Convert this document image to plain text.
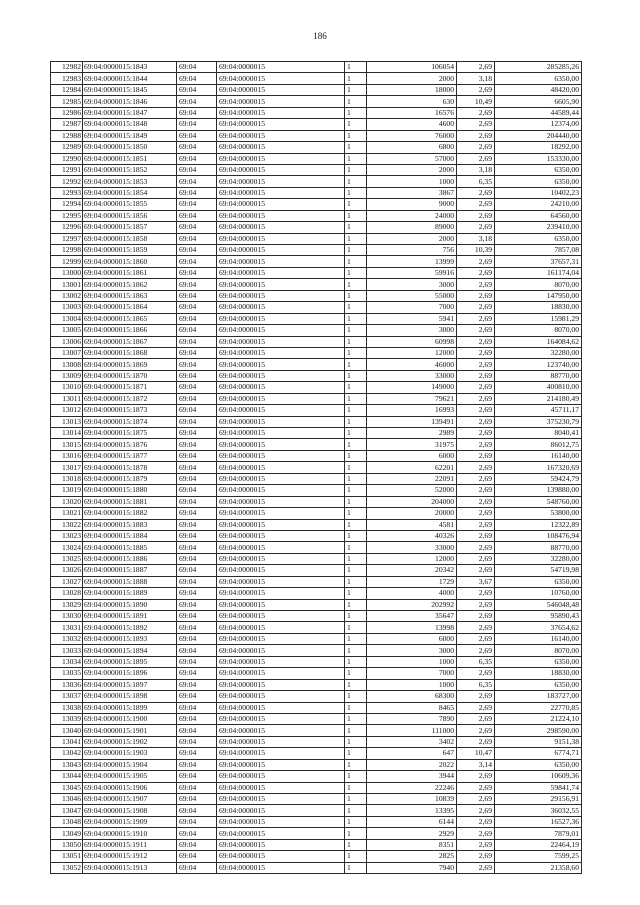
186
12982	69:04:0000015:1843	69:04	69:04:0000015	1	106054	2,69	285285,26
12983	69:04:0000015:1844	69:04	69:04:0000015	1	2000	3,18	6350,00
12984	69:04:0000015:1845	69:04	69:04:0000015	1	18000	2,69	48420,00
12985	69:04:0000015:1846	69:04	69:04:0000015	1	630	10,49	6605,90
12986	69:04:0000015:1847	69:04	69:04:0000015	1	16576	2,69	44589,44
12987	69:04:0000015:1848	69:04	69:04:0000015	1	4600	2,69	12374,00
12988	69:04:0000015:1849	69:04	69:04:0000015	1	76000	2,69	204440,00
12989	69:04:0000015:1850	69:04	69:04:0000015	1	6800	2,69	18292,00
12990	69:04:0000015:1851	69:04	69:04:0000015	1	57000	2,69	153330,00
12991	69:04:0000015:1852	69:04	69:04:0000015	1	2000	3,18	6350,00
12992	69:04:0000015:1853	69:04	69:04:0000015	1	1000	6,35	6350,00
12993	69:04:0000015:1854	69:04	69:04:0000015	1	3867	2,69	10402,23
12994	69:04:0000015:1855	69:04	69:04:0000015	1	9000	2,69	24210,00
12995	69:04:0000015:1856	69:04	69:04:0000015	1	24000	2,69	64560,00
12996	69:04:0000015:1857	69:04	69:04:0000015	1	89000	2,69	239410,00
12997	69:04:0000015:1858	69:04	69:04:0000015	1	2000	3,18	6350,00
12998	69:04:0000015:1859	69:04	69:04:0000015	1	756	10,39	7857,08
12999	69:04:0000015:1860	69:04	69:04:0000015	1	13999	2,69	37657,31
13000	69:04:0000015:1861	69:04	69:04:0000015	1	59916	2,69	161174,04
13001	69:04:0000015:1862	69:04	69:04:0000015	1	3000	2,69	8070,00
13002	69:04:0000015:1863	69:04	69:04:0000015	1	55000	2,69	147950,00
13003	69:04:0000015:1864	69:04	69:04:0000015	1	7000	2,69	18830,00
13004	69:04:0000015:1865	69:04	69:04:0000015	1	5941	2,69	15981,29
13005	69:04:0000015:1866	69:04	69:04:0000015	1	3000	2,69	8070,00
13006	69:04:0000015:1867	69:04	69:04:0000015	1	60998	2,69	164084,62
13007	69:04:0000015:1868	69:04	69:04:0000015	1	12000	2,69	32280,00
13008	69:04:0000015:1869	69:04	69:04:0000015	1	46000	2,69	123740,00
13009	69:04:0000015:1870	69:04	69:04:0000015	1	33000	2,69	88770,00
13010	69:04:0000015:1871	69:04	69:04:0000015	1	149000	2,69	400810,00
13011	69:04:0000015:1872	69:04	69:04:0000015	1	79621	2,69	214180,49
13012	69:04:0000015:1873	69:04	69:04:0000015	1	16993	2,69	45711,17
13013	69:04:0000015:1874	69:04	69:04:0000015	1	139491	2,69	375230,79
13014	69:04:0000015:1875	69:04	69:04:0000015	1	2989	2,69	8040,41
13015	69:04:0000015:1876	69:04	69:04:0000015	1	31975	2,69	86012,75
13016	69:04:0000015:1877	69:04	69:04:0000015	1	6000	2,69	16140,00
13017	69:04:0000015:1878	69:04	69:04:0000015	1	62201	2,69	167320,69
13018	69:04:0000015:1879	69:04	69:04:0000015	1	22091	2,69	59424,79
13019	69:04:0000015:1880	69:04	69:04:0000015	1	52000	2,69	139880,00
13020	69:04:0000015:1881	69:04	69:04:0000015	1	204000	2,69	548760,00
13021	69:04:0000015:1882	69:04	69:04:0000015	1	20000	2,69	53800,00
13022	69:04:0000015:1883	69:04	69:04:0000015	1	4581	2,69	12322,89
13023	69:04:0000015:1884	69:04	69:04:0000015	1	40326	2,69	108476,94
13024	69:04:0000015:1885	69:04	69:04:0000015	1	33000	2,69	88770,00
13025	69:04:0000015:1886	69:04	69:04:0000015	1	12000	2,69	32280,00
13026	69:04:0000015:1887	69:04	69:04:0000015	1	20342	2,69	54719,98
13027	69:04:0000015:1888	69:04	69:04:0000015	1	1729	3,67	6350,00
13028	69:04:0000015:1889	69:04	69:04:0000015	1	4000	2,69	10760,00
13029	69:04:0000015:1890	69:04	69:04:0000015	1	202992	2,69	546048,48
13030	69:04:0000015:1891	69:04	69:04:0000015	1	35647	2,69	95890,43
13031	69:04:0000015:1892	69:04	69:04:0000015	1	13998	2,69	37654,62
13032	69:04:0000015:1893	69:04	69:04:0000015	1	6000	2,69	16140,00
13033	69:04:0000015:1894	69:04	69:04:0000015	1	3000	2,69	8070,00
13034	69:04:0000015:1895	69:04	69:04:0000015	1	1000	6,35	6350,00
13035	69:04:0000015:1896	69:04	69:04:0000015	1	7000	2,69	18830,00
13036	69:04:0000015:1897	69:04	69:04:0000015	1	1000	6,35	6350,00
13037	69:04:0000015:1898	69:04	69:04:0000015	1	68300	2,69	183727,00
13038	69:04:0000015:1899	69:04	69:04:0000015	1	8465	2,69	22770,85
13039	69:04:0000015:1900	69:04	69:04:0000015	1	7890	2,69	21224,10
13040	69:04:0000015:1901	69:04	69:04:0000015	1	111000	2,69	298590,00
13041	69:04:0000015:1902	69:04	69:04:0000015	1	3402	2,69	9151,38
13042	69:04:0000015:1903	69:04	69:04:0000015	1	647	10,47	6774,71
13043	69:04:0000015:1904	69:04	69:04:0000015	1	2022	3,14	6350,00
13044	69:04:0000015:1905	69:04	69:04:0000015	1	3944	2,69	10609,36
13045	69:04:0000015:1906	69:04	69:04:0000015	1	22246	2,69	59841,74
13046	69:04:0000015:1907	69:04	69:04:0000015	1	10839	2,69	29156,91
13047	69:04:0000015:1908	69:04	69:04:0000015	1	13395	2,69	36032,55
13048	69:04:0000015:1909	69:04	69:04:0000015	1	6144	2,69	16527,36
13049	69:04:0000015:1910	69:04	69:04:0000015	1	2929	2,69	7879,01
13050	69:04:0000015:1911	69:04	69:04:0000015	1	8351	2,69	22464,19
13051	69:04:0000015:1912	69:04	69:04:0000015	1	2825	2,69	7599,25
13052	69:04:0000015:1913	69:04	69:04:0000015	1	7940	2,69	21358,60
